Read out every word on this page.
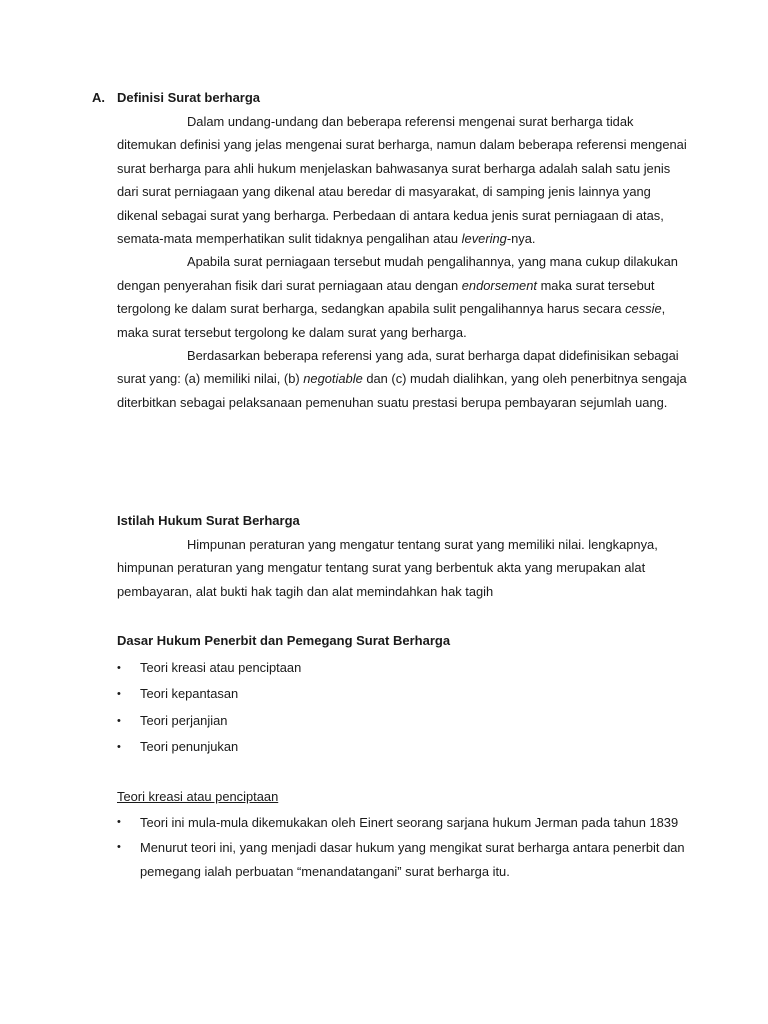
A. Definisi Surat berharga

Dalam undang-undang dan beberapa referensi mengenai surat berharga tidak ditemukan definisi yang jelas mengenai surat berharga, namun dalam beberapa referensi mengenai surat berharga para ahli hukum menjelaskan bahwasanya surat berharga adalah salah satu jenis dari surat perniagaan yang dikenal atau beredar di masyarakat, di samping jenis lainnya yang dikenal sebagai surat yang berharga. Perbedaan di antara kedua jenis surat perniagaan di atas, semata-mata memperhatikan sulit tidaknya pengalihan atau levering-nya.

Apabila surat perniagaan tersebut mudah pengalihannya, yang mana cukup dilakukan dengan penyerahan fisik dari surat perniagaan atau dengan endorsement maka surat tersebut tergolong ke dalam surat berharga, sedangkan apabila sulit pengalihannya harus secara cessie, maka surat tersebut tergolong ke dalam surat yang berharga.

Berdasarkan beberapa referensi yang ada, surat berharga dapat didefinisikan sebagai surat yang: (a) memiliki nilai, (b) negotiable dan (c) mudah dialihkan, yang oleh penerbitnya sengaja diterbitkan sebagai pelaksanaan pemenuhan suatu prestasi berupa pembayaran sejumlah uang.

Istilah Hukum Surat Berharga

Himpunan peraturan yang mengatur tentang surat yang memiliki nilai. lengkapnya, himpunan peraturan yang mengatur tentang surat yang berbentuk akta yang merupakan alat pembayaran, alat bukti hak tagih dan alat memindahkan hak tagih

Dasar Hukum Penerbit dan Pemegang Surat Berharga
• Teori kreasi atau penciptaan
• Teori kepantasan
• Teori perjanjian
• Teori penunjukan
Teori kreasi atau penciptaan
• Teori ini mula-mula dikemukakan oleh Einert seorang sarjana hukum Jerman pada tahun 1839
• Menurut teori ini, yang menjadi dasar hukum yang mengikat surat berharga antara penerbit dan pemegang ialah perbuatan “menandatangani” surat berharga itu.
